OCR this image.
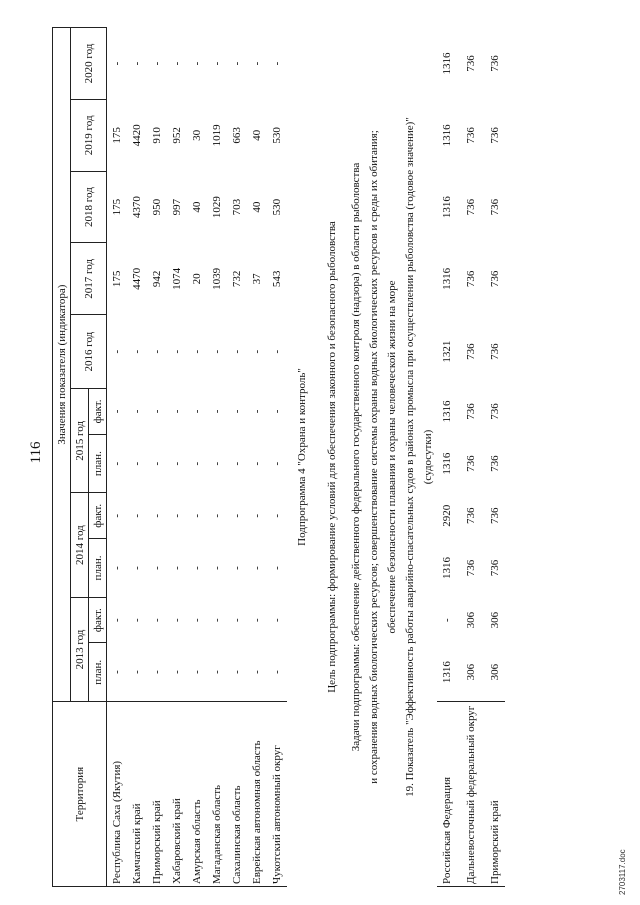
116
Территория	Значения показателя (индикатора)										
	2013 год		2014 год		2015 год		2016 год	2017 год	2018 год	2019 год	2020 год
	план.	факт.	план.	факт.	план.	факт.					
Республика Саха (Якутия)	-	-	-	-	-	-	-	175	175	175	-
Камчатский край	-	-	-	-	-	-	-	4470	4370	4420	-
Приморский край	-	-	-	-	-	-	-	942	950	910	-
Хабаровский край	-	-	-	-	-	-	-	1074	997	952	-
Амурская область	-	-	-	-	-	-	-	20	40	30	-
Магаданская область	-	-	-	-	-	-	-	1039	1029	1019	-
Сахалинская область	-	-	-	-	-	-	-	732	703	663	-
Еврейская автономная область	-	-	-	-	-	-	-	37	40	40	-
Чукотский автономный округ	-	-	-	-	-	-	-	543	530	530	-
Подпрограмма 4 "Охрана и контроль"											
Цель подпрограммы: формирование условий для обеспечения законного и безопасного рыболовства											
Задачи подпрограммы: обеспечение действенного федерального государственного контроля (надзора) в области рыболовства											
и сохранения водных биологических ресурсов; совершенствование системы охраны водных биологических ресурсов и среды их обитания;											
обеспечение безопасности плавания и охраны человеческой жизни на море											
19. Показатель "Эффективность работы аварийно-спасательных судов в районах промысла при осуществлении рыболовства (годовое значение)"											
(судосутки)											
Российская Федерация	1316	-	1316	2920	1316	1316	1321	1316	1316	1316	1316
Дальневосточный федеральный округ	306	306	736	736	736	736	736	736	736	736	736
Приморский край	306	306	736	736	736	736	736	736	736	736	736
2703117.doc
